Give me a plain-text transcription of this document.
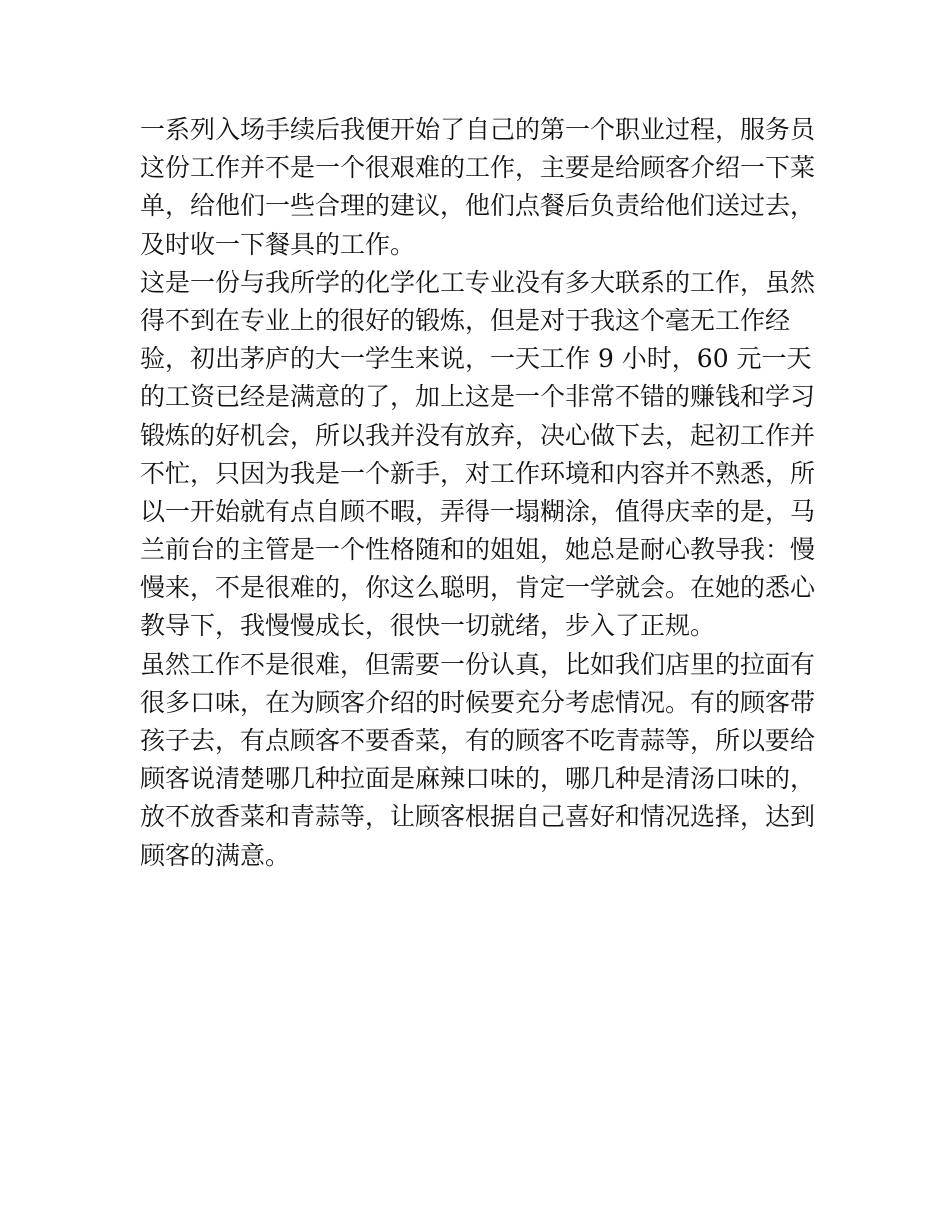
一系列入场手续后我便开始了自己的第一个职业过程，服务员
这份工作并不是一个很艰难的工作，主要是给顾客介绍一下菜
单，给他们一些合理的建议，他们点餐后负责给他们送过去，
及时收一下餐具的工作。
这是一份与我所学的化学化工专业没有多大联系的工作，虽然
得不到在专业上的很好的锻炼，但是对于我这个毫无工作经
验，初出茅庐的大一学生来说，一天工作 9 小时，60 元一天
的工资已经是满意的了，加上这是一个非常不错的赚钱和学习
锻炼的好机会，所以我并没有放弃，决心做下去，起初工作并
不忙，只因为我是一个新手，对工作环境和内容并不熟悉，所
以一开始就有点自顾不暇，弄得一塌糊涂，值得庆幸的是，马
兰前台的主管是一个性格随和的姐姐，她总是耐心教导我：慢
慢来，不是很难的，你这么聪明，肯定一学就会。在她的悉心
教导下，我慢慢成长，很快一切就绪，步入了正规。
虽然工作不是很难，但需要一份认真，比如我们店里的拉面有
很多口味，在为顾客介绍的时候要充分考虑情况。有的顾客带
孩子去，有点顾客不要香菜，有的顾客不吃青蒜等，所以要给
顾客说清楚哪几种拉面是麻辣口味的，哪几种是清汤口味的，
放不放香菜和青蒜等，让顾客根据自己喜好和情况选择，达到
顾客的满意。
